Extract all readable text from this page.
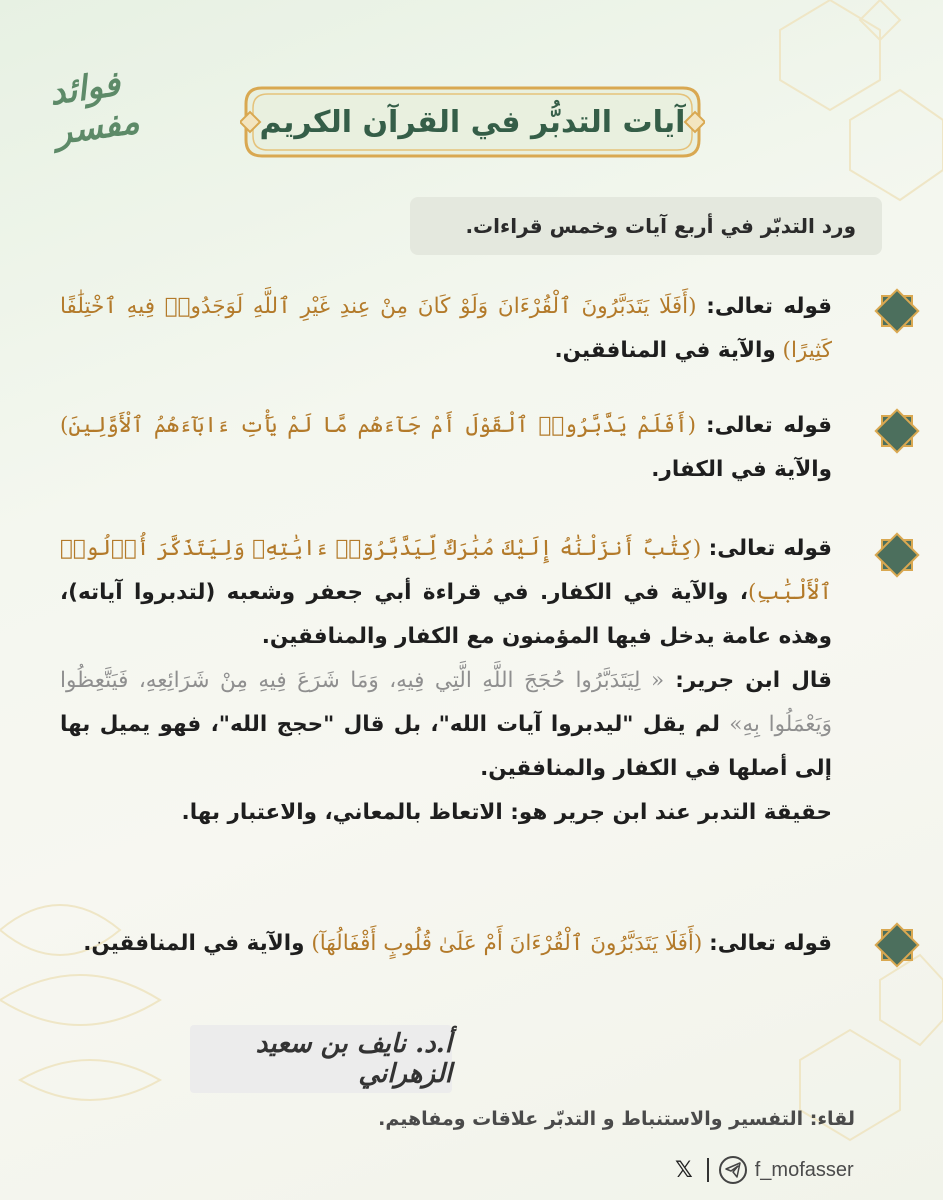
فوائد مفسر	آيات التدبُّر في القرآن الكريم
ورد التدبّر في أربع آيات وخمس قراءات.
قوله تعالى: (أَفَلَا يَتَدَبَّرُونَ ٱلْقُرْءَانَ وَلَوْ كَانَ مِنْ عِندِ غَيْرِ ٱللَّهِ لَوَجَدُوا۟ فِيهِ ٱخْتِلَٰفًا كَثِيرًا) والآية في المنافقين.
قوله تعالى: (أَفَلَمْ يَدَّبَّرُوا۟ ٱلْقَوْلَ أَمْ جَآءَهُم مَّا لَمْ يَأْتِ ءَابَآءَهُمُ ٱلْأَوَّلِينَ) والآية في الكفار.
قوله تعالى: (كِتَٰبٌ أَنزَلْنَٰهُ إِلَيْكَ مُبَٰرَكٌ لِّيَدَّبَّرُوٓا۟ ءَايَٰتِهِۦ وَلِيَتَذَكَّرَ أُو۟لُوا۟ ٱلْأَلْبَٰبِ)، والآية في الكفار. في قراءة أبي جعفر وشعبه (لتدبروا آياته)، وهذه عامة يدخل فيها المؤمنون مع الكفار والمنافقين.
قال ابن جرير: « لِيَتَدَبَّرُوا حُجَجَ اللَّهِ الَّتِي فِيهِ، وَمَا شَرَعَ فِيهِ مِنْ شَرَائِعِهِ، فَيَتَّعِظُوا وَيَعْمَلُوا بِهِ» لم يقل "ليدبروا آيات الله"، بل قال "حجج الله"، فهو يميل بها إلى أصلها في الكفار والمنافقين.
حقيقة التدبر عند ابن جرير هو: الاتعاظ بالمعاني، والاعتبار بها.
قوله تعالى: (أَفَلَا يَتَدَبَّرُونَ ٱلْقُرْءَانَ أَمْ عَلَىٰ قُلُوبٍ أَقْفَالُهَآ) والآية في المنافقين.
أ.د. نايف بن سعيد الزهراني
لقاء: التفسير والاستنباط و التدبّر علاقات ومفاهيم.
𝕏	f_mofasser
